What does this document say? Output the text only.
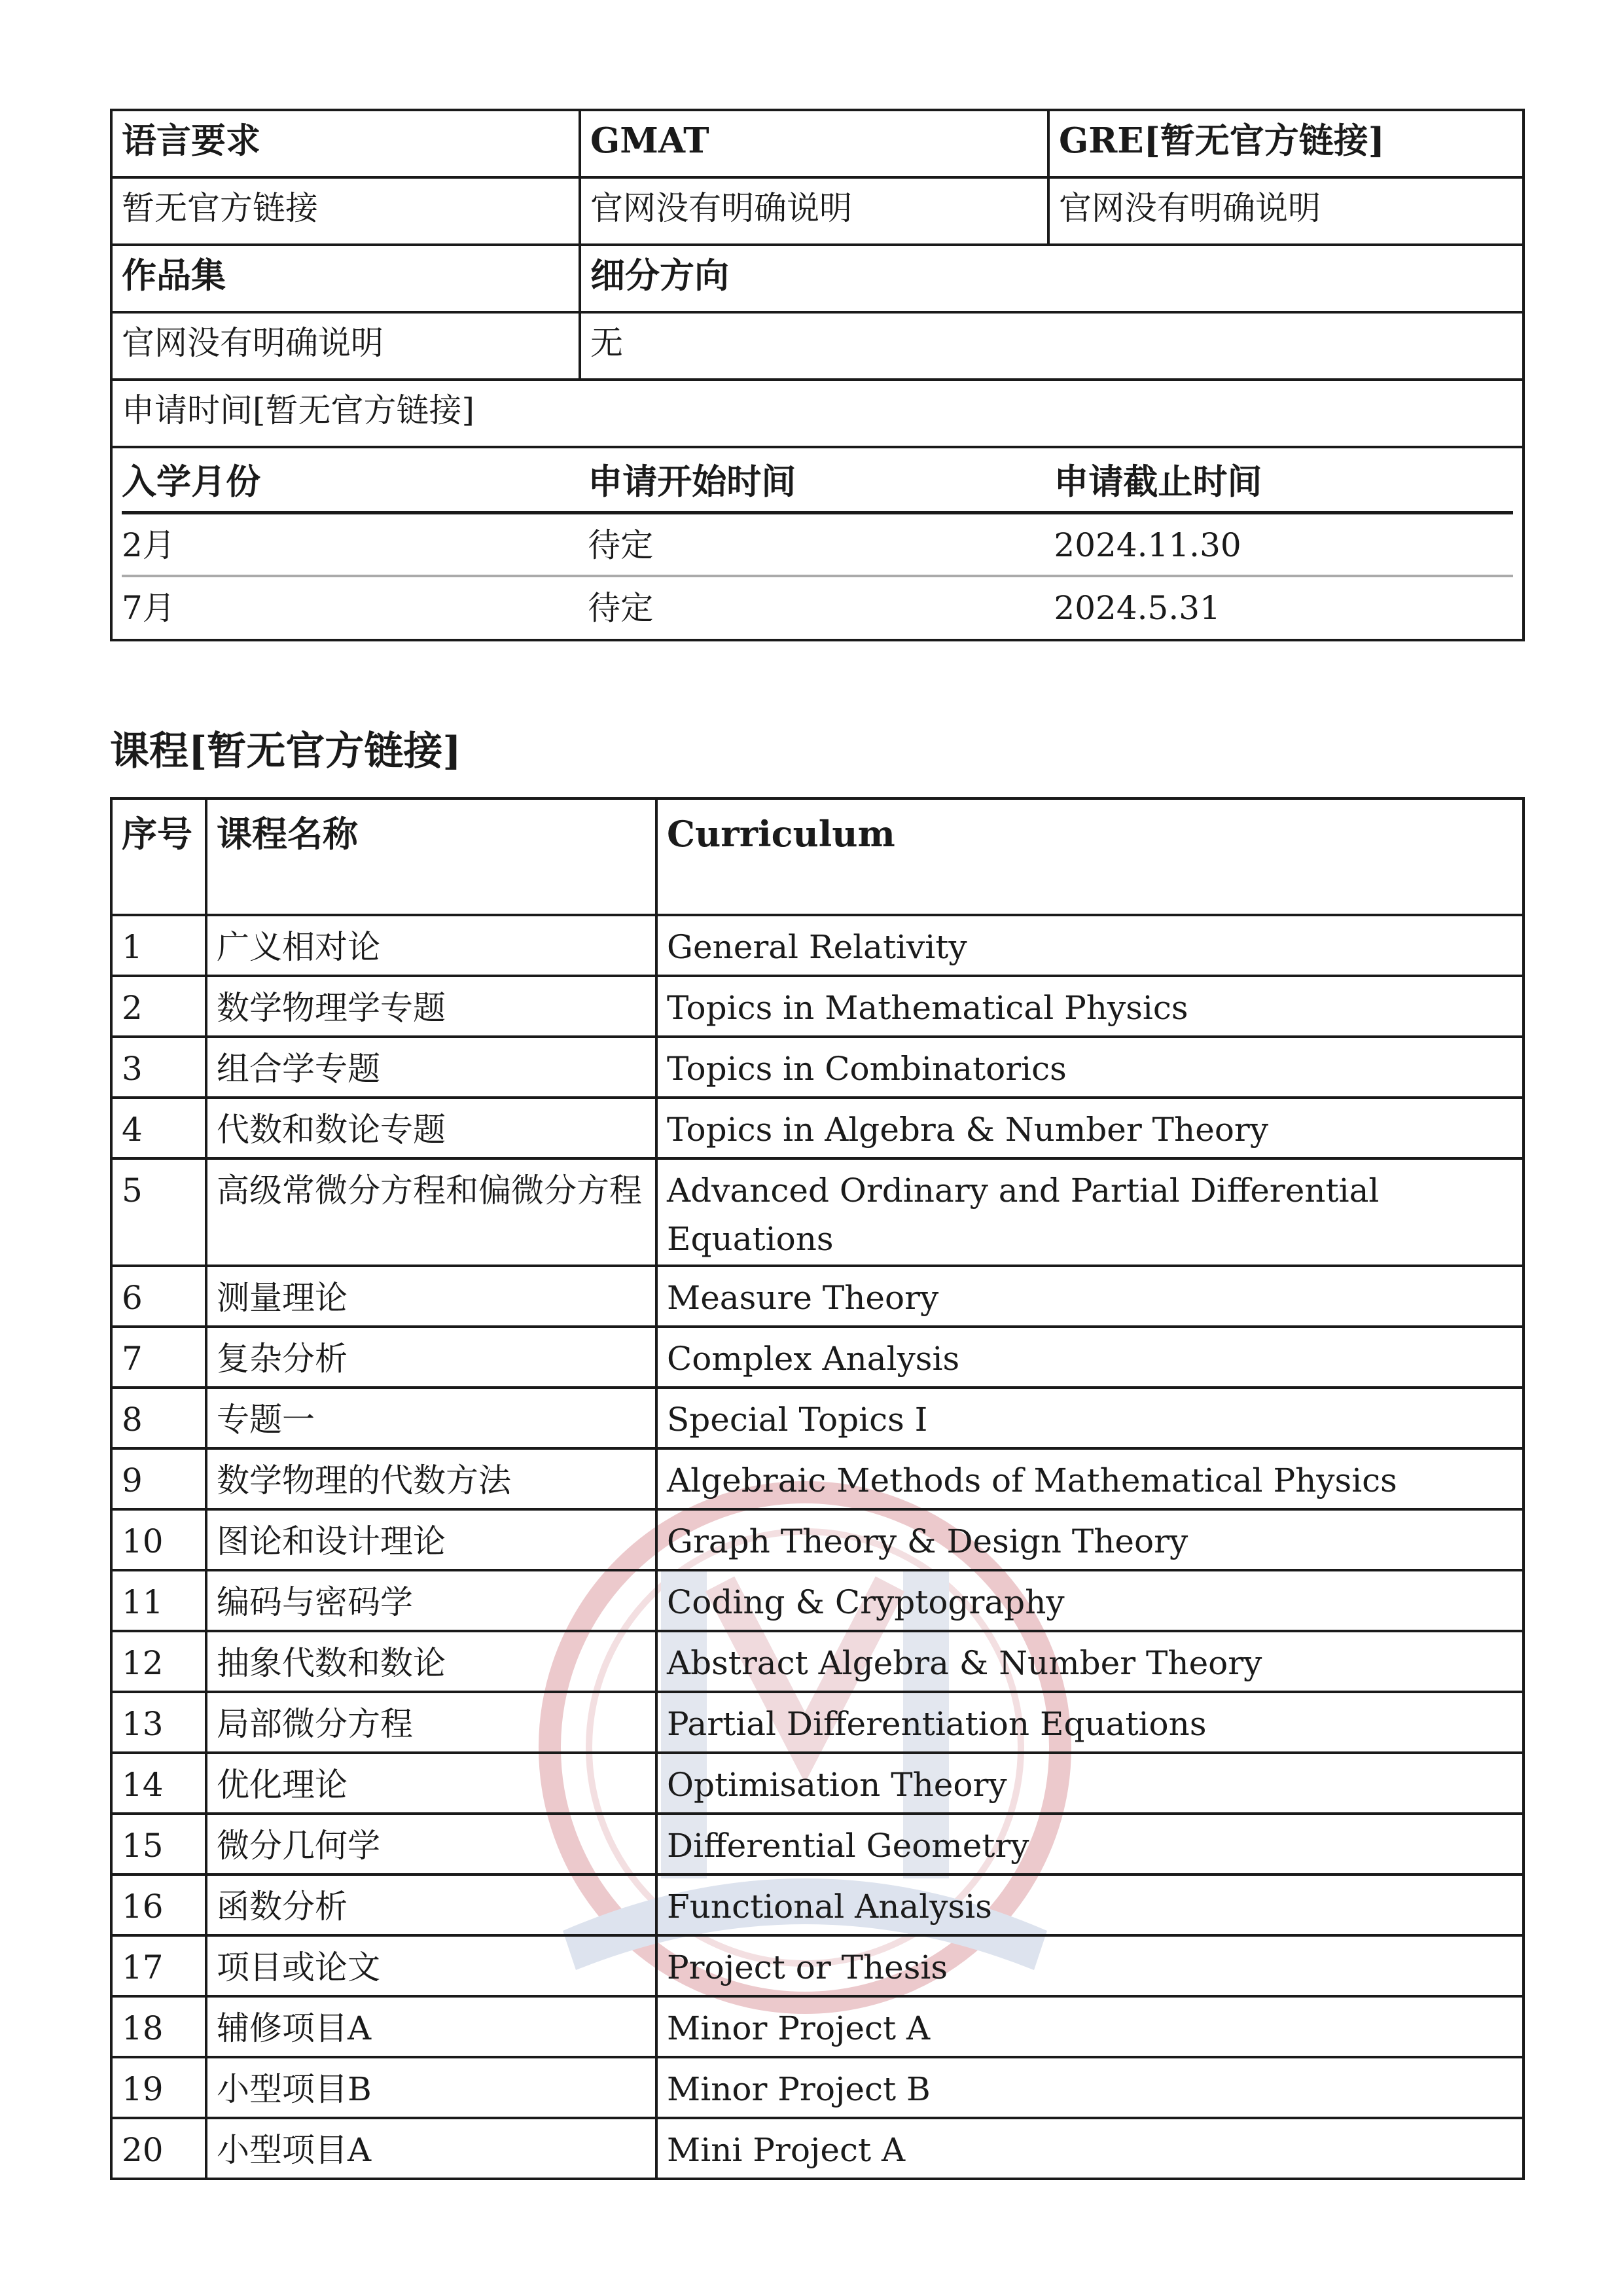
语言要求	GMAT	GRE[暂无官方链接]
暂无官方链接	官网没有明确说明	官网没有明确说明
作品集	细分方向
官网没有明确说明	无
申请时间[暂无官方链接]

入学月份	申请开始时间	申请截止时间
2月	待定	2024.11.30
7月	待定	2024.5.31
课程[暂无官方链接]
序号	课程名称	Curriculum
1	广义相对论	General Relativity
2	数学物理学专题	Topics in Mathematical Physics
3	组合学专题	Topics in Combinatorics
4	代数和数论专题	Topics in Algebra & Number Theory
5	高级常微分方程和偏微分方程	Advanced Ordinary and Partial Differential Equations
6	测量理论	Measure Theory
7	复杂分析	Complex Analysis
8	专题一	Special Topics I
9	数学物理的代数方法	Algebraic Methods of Mathematical Physics
10	图论和设计理论	Graph Theory & Design Theory
11	编码与密码学	Coding & Cryptography
12	抽象代数和数论	Abstract Algebra & Number Theory
13	局部微分方程	Partial Differentiation Equations
14	优化理论	Optimisation Theory
15	微分几何学	Differential Geometry
16	函数分析	Functional Analysis
17	项目或论文	Project or Thesis
18	辅修项目A	Minor Project A
19	小型项目B	Minor Project B
20	小型项目A	Mini Project A
